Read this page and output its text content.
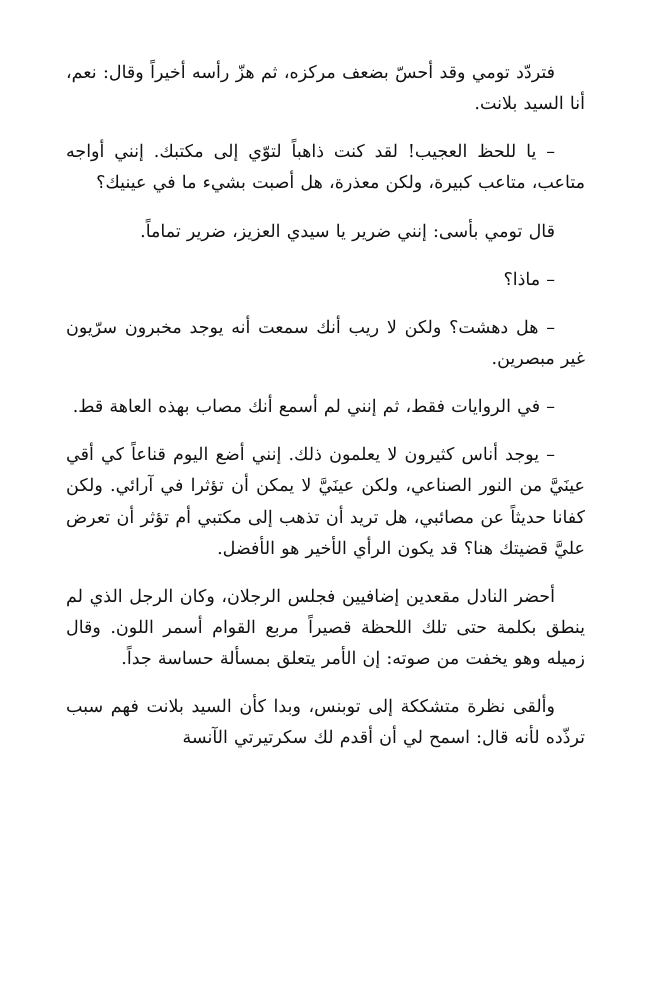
فتردّد تومي وقد أحسّ بضعف مركزه، ثم هزّ رأسه أخيراً وقال: نعم، أنا السيد بلانت.

– يا للحظ العجيب! لقد كنت ذاهباً لتوّي إلى مكتبك. إنني أواجه متاعب، متاعب كبيرة، ولكن معذرة، هل أصبت بشيء ما في عينيك؟

قال تومي بأسى: إنني ضرير يا سيدي العزيز، ضرير تماماً.

– ماذا؟

– هل دهشت؟ ولكن لا ريب أنك سمعت أنه يوجد مخبرون سرّيون غير مبصرين.

– في الروايات فقط، ثم إنني لم أسمع أنك مصاب بهذه العاهة قط.

– يوجد أناس كثيرون لا يعلمون ذلك. إنني أضع اليوم قناعاً كي أقي عينَيَّ من النور الصناعي، ولكن عينَيَّ لا يمكن أن تؤثرا في آرائي. ولكن كفانا حديثاً عن مصائبي، هل تريد أن تذهب إلى مكتبي أم تؤثر أن تعرض عليَّ قضيتك هنا؟ قد يكون الرأي الأخير هو الأفضل.

أحضر النادل مقعدين إضافيين فجلس الرجلان، وكان الرجل الذي لم ينطق بكلمة حتى تلك اللحظة قصيراً مربع القوام أسمر اللون. وقال زميله وهو يخفت من صوته: إن الأمر يتعلق بمسألة حساسة جداً.

وألقى نظرة متشككة إلى توبنس، وبدا كأن السيد بلانت فهم سبب ترذّده لأنه قال: اسمح لي أن أقدم لك سكرتيرتي الآنسة
